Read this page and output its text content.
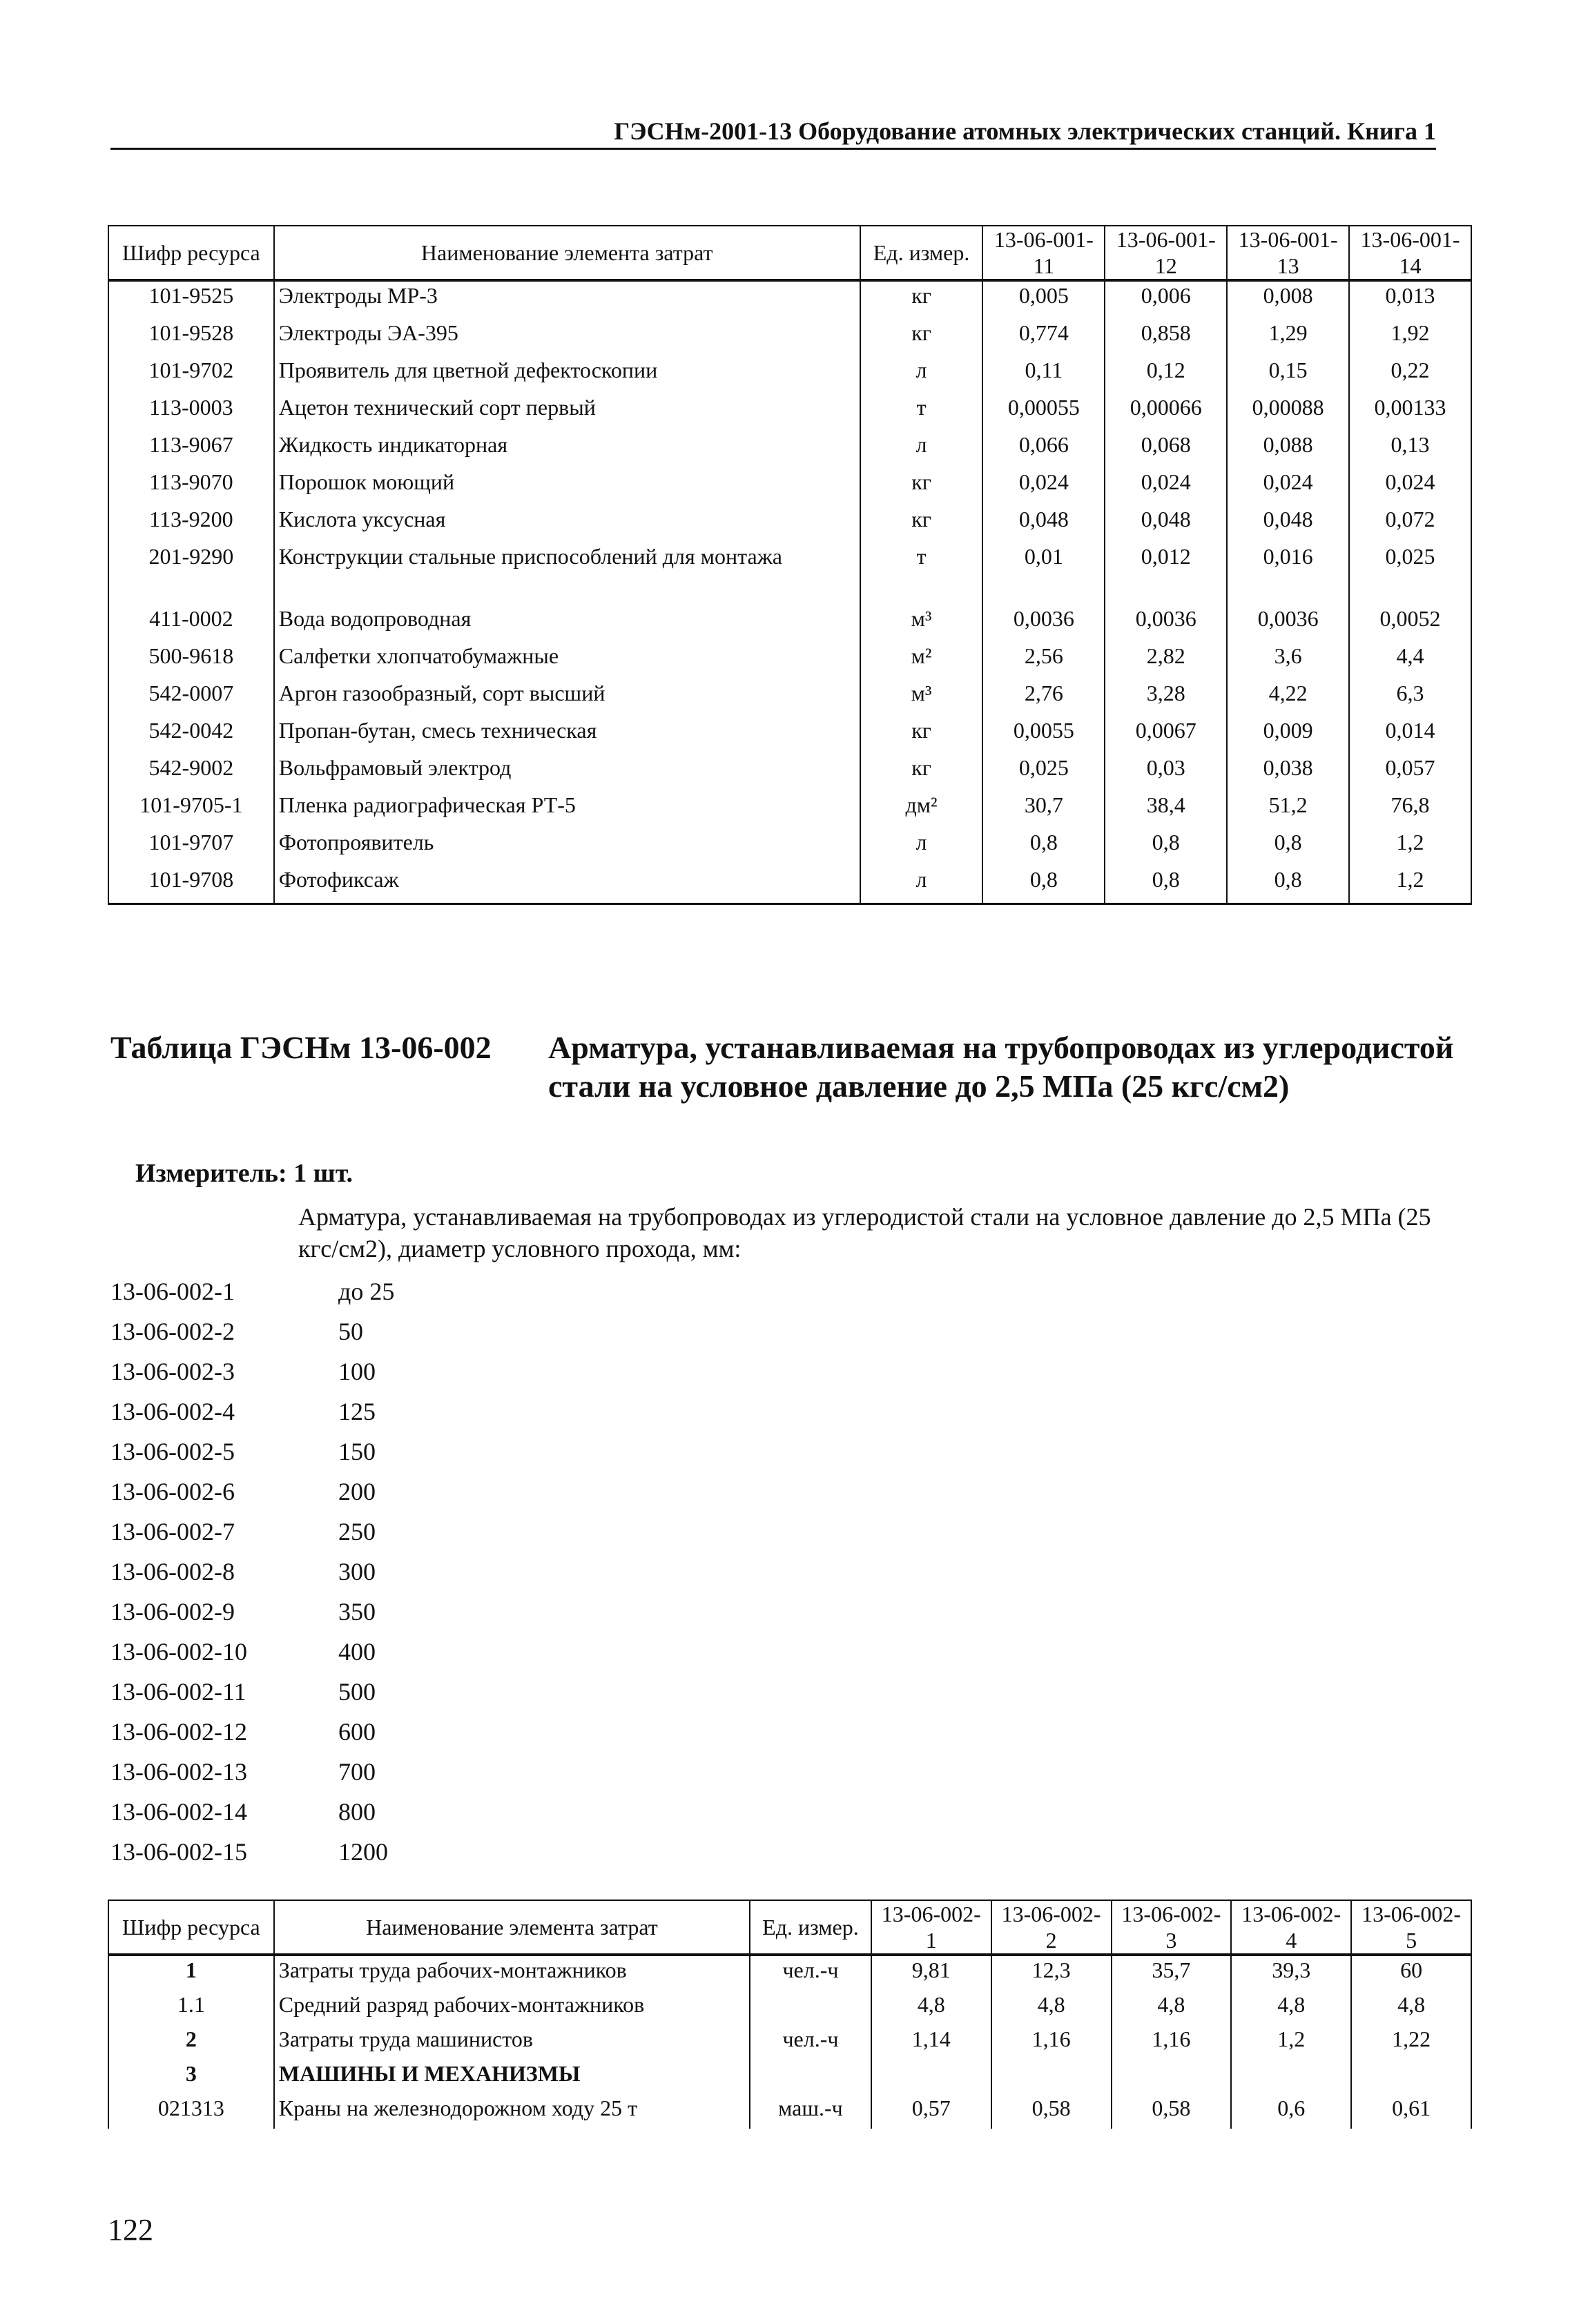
ГЭСНм-2001-13 Оборудование атомных электрических станций. Книга 1
Шифр ресурса	Наименование элемента затрат	Ед. измер.	13-06-001-11	13-06-001-12	13-06-001-13	13-06-001-14
101-9525	Электроды МР-3	кг	0,005	0,006	0,008	0,013
101-9528	Электроды ЭА-395	кг	0,774	0,858	1,29	1,92
101-9702	Проявитель для цветной дефектоскопии	л	0,11	0,12	0,15	0,22
113-0003	Ацетон технический сорт первый	т	0,00055	0,00066	0,00088	0,00133
113-9067	Жидкость индикаторная	л	0,066	0,068	0,088	0,13
113-9070	Порошок моющий	кг	0,024	0,024	0,024	0,024
113-9200	Кислота уксусная	кг	0,048	0,048	0,048	0,072
201-9290	Конструкции стальные приспособлений для монтажа	т	0,01	0,012	0,016	0,025
411-0002	Вода водопроводная	м³	0,0036	0,0036	0,0036	0,0052
500-9618	Салфетки хлопчатобумажные	м²	2,56	2,82	3,6	4,4
542-0007	Аргон газообразный, сорт высший	м³	2,76	3,28	4,22	6,3
542-0042	Пропан-бутан, смесь техническая	кг	0,0055	0,0067	0,009	0,014
542-9002	Вольфрамовый электрод	кг	0,025	0,03	0,038	0,057
101-9705-1	Пленка радиографическая РТ-5	дм²	30,7	38,4	51,2	76,8
101-9707	Фотопроявитель	л	0,8	0,8	0,8	1,2
101-9708	Фотофиксаж	л	0,8	0,8	0,8	1,2
Таблица ГЭСНм 13-06-002 Арматура, устанавливаемая на трубопроводах из углеродистой стали на условное давление до 2,5 МПа (25 кгс/см2)
Измеритель: 1 шт.
Арматура, устанавливаемая на трубопроводах из углеродистой стали на условное давление до 2,5 МПа (25 кгс/см2), диаметр условного прохода, мм:
13-06-002-1	до 25
13-06-002-2	50
13-06-002-3	100
13-06-002-4	125
13-06-002-5	150
13-06-002-6	200
13-06-002-7	250
13-06-002-8	300
13-06-002-9	350
13-06-002-10	400
13-06-002-11	500
13-06-002-12	600
13-06-002-13	700
13-06-002-14	800
13-06-002-15	1200
Шифр ресурса	Наименование элемента затрат	Ед. измер.	13-06-002-1	13-06-002-2	13-06-002-3	13-06-002-4	13-06-002-5
1	Затраты труда рабочих-монтажников	чел.-ч	9,81	12,3	35,7	39,3	60
1.1	Средний разряд рабочих-монтажников		4,8	4,8	4,8	4,8	4,8
2	Затраты труда машинистов	чел.-ч	1,14	1,16	1,16	1,2	1,22
3	МАШИНЫ И МЕХАНИЗМЫ						
021313	Краны на железнодорожном ходу 25 т	маш.-ч	0,57	0,58	0,58	0,6	0,61
122
